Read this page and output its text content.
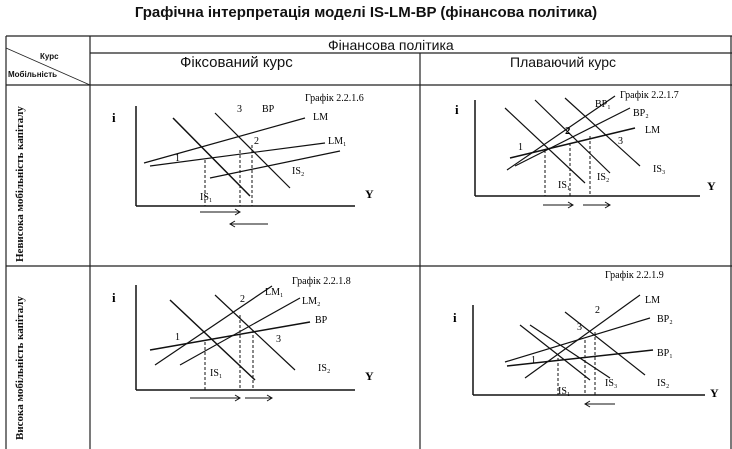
Графічна інтерпретація моделі IS-LM-BP (фінансова політика)
Курс
Мобільність
Фінансова політика
Фіксований курс	Плаваючий курс
Невисока мобільність капіталу
Висока мобільність капіталу
Графік 2.2.1.6
i
Y
1
2
3 BP
LM
LM₁
IS₁
IS₂
Графік 2.2.1.7
i
Y
1
2
3
BP₁
BP₂
LM
IS₁
IS₂
IS₃
Графік 2.2.1.8
i
Y
1
2
3
LM₁
LM₂
BP
IS₁	IS₂
Графік 2.2.1.9
i
Y
1
2
3
LM
BP₂
BP₁
IS₁
IS₂
IS₃
